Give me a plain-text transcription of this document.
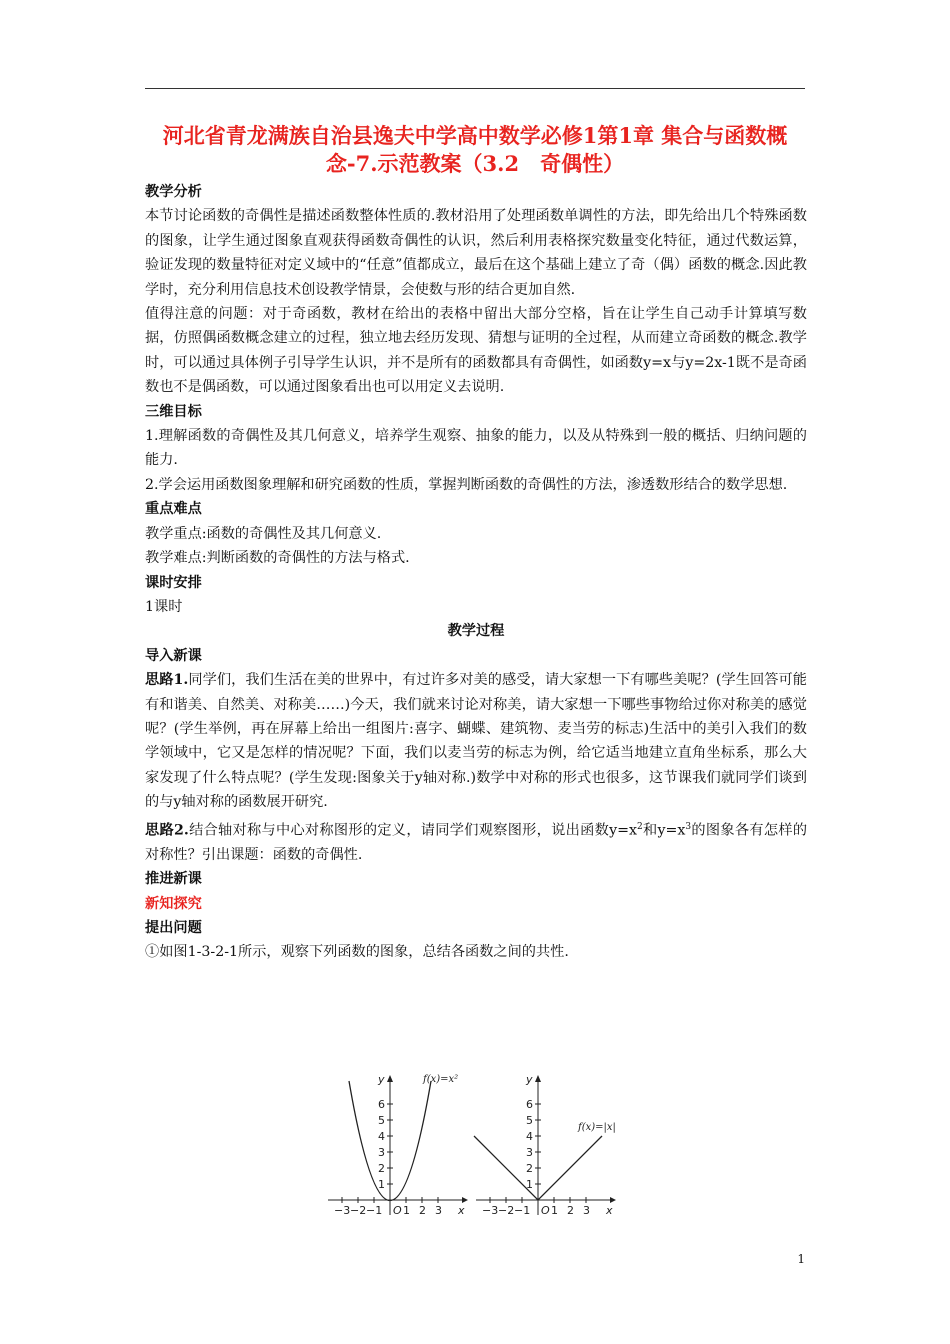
河北省青龙满族自治县逸夫中学高中数学必修1第1章 集合与函数概念-7.示范教案（3.2　奇偶性）

教学分析

本节讨论函数的奇偶性是描述函数整体性质的.教材沿用了处理函数单调性的方法，即先给出几个特殊函数的图象，让学生通过图象直观获得函数奇偶性的认识，然后利用表格探究数量变化特征，通过代数运算，验证发现的数量特征对定义域中的“任意”值都成立，最后在这个基础上建立了奇（偶）函数的概念.因此教学时，充分利用信息技术创设教学情景，会使数与形的结合更加自然.

值得注意的问题：对于奇函数，教材在给出的表格中留出大部分空格，旨在让学生自己动手计算填写数据，仿照偶函数概念建立的过程，独立地去经历发现、猜想与证明的全过程，从而建立奇函数的概念.教学时，可以通过具体例子引导学生认识，并不是所有的函数都具有奇偶性，如函数y=x与y=2x-1既不是奇函数也不是偶函数，可以通过图象看出也可以用定义去说明.

三维目标

1.理解函数的奇偶性及其几何意义，培养学生观察、抽象的能力，以及从特殊到一般的概括、归纳问题的能力.

2.学会运用函数图象理解和研究函数的性质，掌握判断函数的奇偶性的方法，渗透数形结合的数学思想.

重点难点

教学重点:函数的奇偶性及其几何意义.

教学难点:判断函数的奇偶性的方法与格式.

课时安排

1课时

教学过程

导入新课

思路1.同学们，我们生活在美的世界中，有过许多对美的感受，请大家想一下有哪些美呢？(学生回答可能有和谐美、自然美、对称美……)今天，我们就来讨论对称美，请大家想一下哪些事物给过你对称美的感觉呢？(学生举例，再在屏幕上给出一组图片:喜字、蝴蝶、建筑物、麦当劳的标志)生活中的美引入我们的数学领域中，它又是怎样的情况呢？下面，我们以麦当劳的标志为例，给它适当地建立直角坐标系，那么大家发现了什么特点呢？(学生发现:图象关于y轴对称.)数学中对称的形式也很多，这节课我们就同学们谈到的与y轴对称的函数展开研究.

思路2.结合轴对称与中心对称图形的定义，请同学们观察图形，说出函数$y=x^2$和$y=x^3$的图象各有怎样的对称性？引出课题：函数的奇偶性.

推进新课

新知探究

提出问题

①如图1-3-2-1所示，观察下列函数的图象，总结各函数之间的共性.

f(x)=x²
y
x
O
−3 −2 −1 1 2 3
1
2
3
4
5
6
f(x)=|x|
y
x
O
−3 −2 −1 1 2 3
1
2
3
4
5
6
1
